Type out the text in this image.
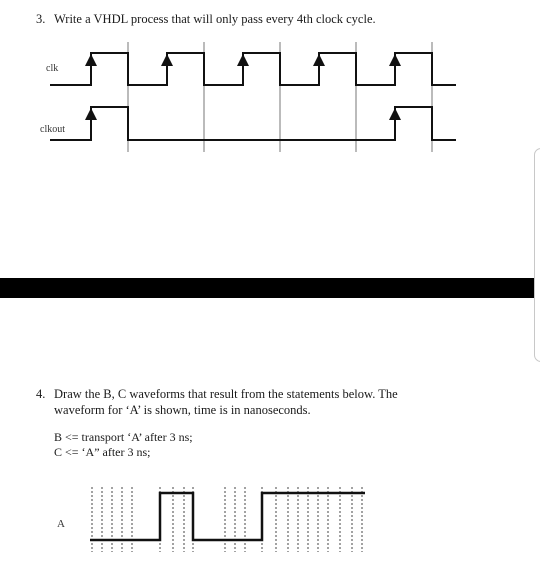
3. Write a VHDL process that will only pass every 4th clock cycle.
clk
clkout
4. Draw the B, C waveforms that result from the statements below. The
waveform for ‘A’ is shown, time is in nanoseconds.
B <= transport ‘A’ after 3 ns;
C <= ‘A” after 3 ns;
A
